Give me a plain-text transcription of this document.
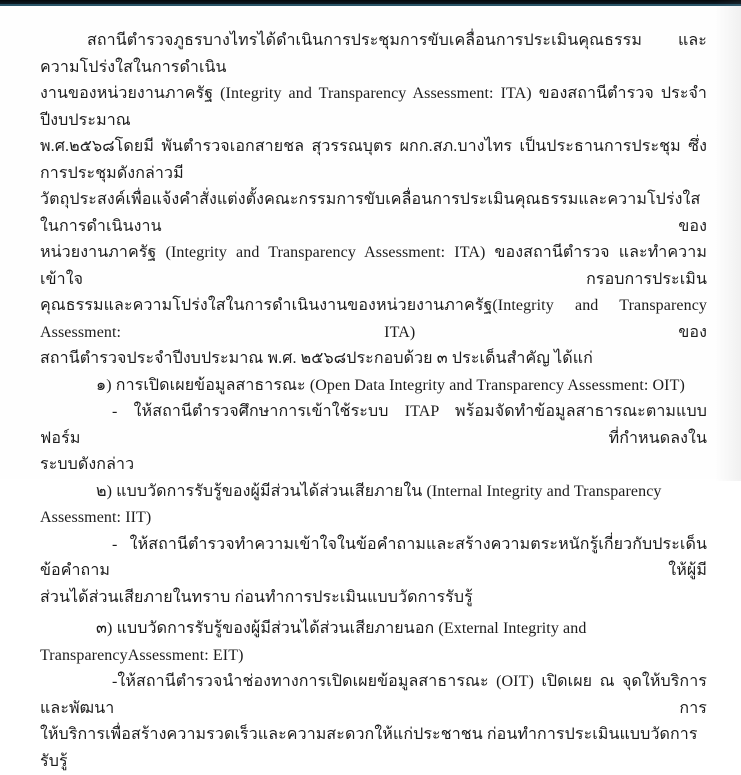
สถานีตำรวจภูธรบางไทรได้ดำเนินการประชุมการขับเคลื่อนการประเมินคุณธรรม และ ความโปร่งใสในการดำเนิน
งานของหน่วยงานภาครัฐ (Integrity and Transparency Assessment: ITA) ของสถานีตำรวจ ประจำปีงบประมาณ
พ.ศ.๒๕๖๘โดยมี พันตำรวจเอกสายชล สุวรรณบุตร ผกก.สภ.บางไทร เป็นประธานการประชุม ซึ่งการประชุมดังกล่าวมี
วัตถุประสงค์เพื่อแจ้งคำสั่งแต่งตั้งคณะกรรมการขับเคลื่อนการประเมินคุณธรรมและความโปร่งใสในการดำเนินงาน ของ
หน่วยงานภาครัฐ (Integrity and Transparency Assessment: ITA) ของสถานีตำรวจ และทำความเข้าใจ กรอบการประเมิน
คุณธรรมและความโปร่งใสในการดำเนินงานของหน่วยงานภาครัฐ(Integrity and Transparency Assessment: ITA) ของ
สถานีตำรวจประจำปีงบประมาณ พ.ศ. ๒๕๖๘ประกอบด้วย ๓ ประเด็นสำคัญ ได้แก่
๑) การเปิดเผยข้อมูลสาธารณะ (Open Data Integrity and Transparency Assessment: OIT)
- ให้สถานีตำรวจศึกษาการเข้าใช้ระบบ ITAP พร้อมจัดทำข้อมูลสาธารณะตามแบบฟอร์ม ที่กำหนดลงใน
ระบบดังกล่าว
๒) แบบวัดการรับรู้ของผู้มีส่วนได้ส่วนเสียภายใน (Internal Integrity and Transparency Assessment: IIT)
- ให้สถานีตำรวจทำความเข้าใจในข้อคำถามและสร้างความตระหนักรู้เกี่ยวกับประเด็นข้อคำถาม ให้ผู้มี
ส่วนได้ส่วนเสียภายในทราบ ก่อนทำการประเมินแบบวัดการรับรู้
๓) แบบวัดการรับรู้ของผู้มีส่วนได้ส่วนเสียภายนอก (External Integrity and TransparencyAssessment: EIT)
-ให้สถานีตำรวจนำช่องทางการเปิดเผยข้อมูลสาธารณะ (OIT) เปิดเผย ณ จุดให้บริการ และพัฒนา การ
ให้บริการเพื่อสร้างความรวดเร็วและความสะดวกให้แก่ประชาชน ก่อนทำการประเมินแบบวัดการรับรู้
